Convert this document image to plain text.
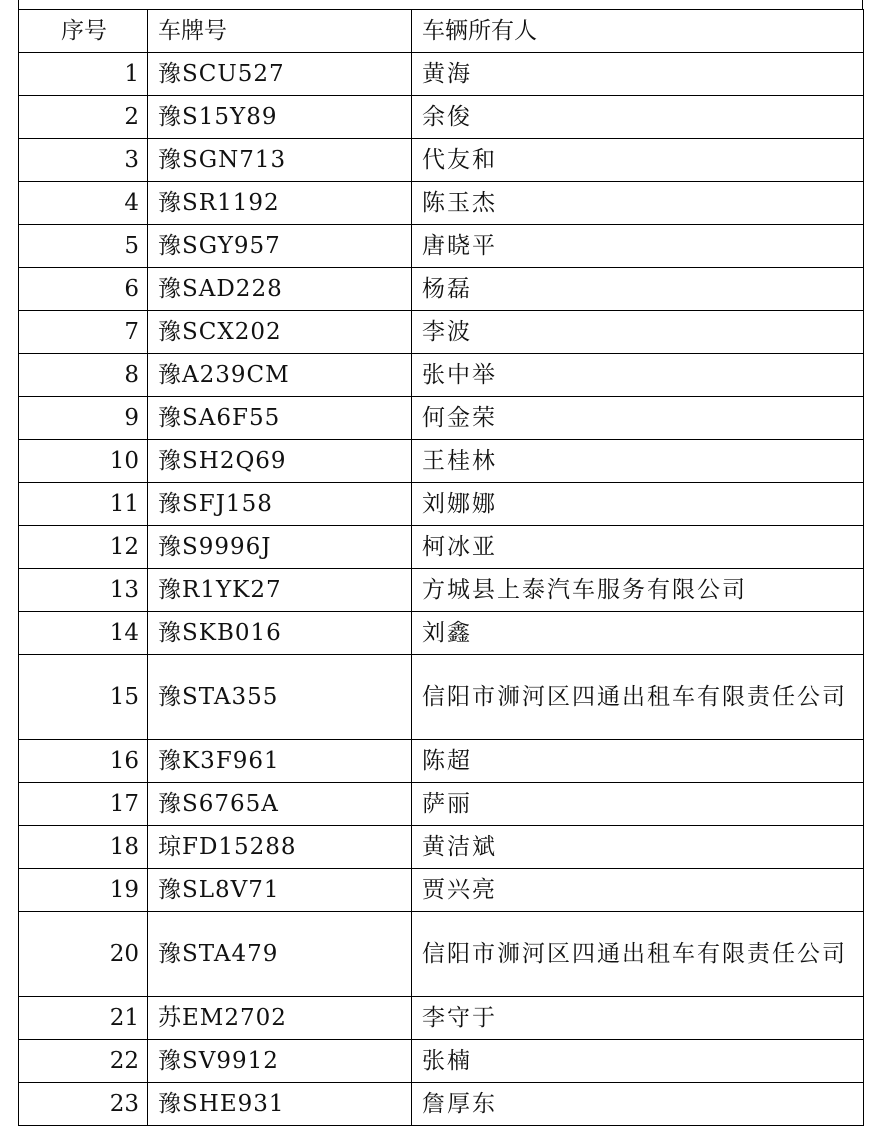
序号	车牌号	车辆所有人
1	豫SCU527	黄海
2	豫S15Y89	余俊
3	豫SGN713	代友和
4	豫SR1192	陈玉杰
5	豫SGY957	唐晓平
6	豫SAD228	杨磊
7	豫SCX202	李波
8	豫A239CM	张中举
9	豫SA6F55	何金荣
10	豫SH2Q69	王桂林
11	豫SFJ158	刘娜娜
12	豫S9996J	柯冰亚
13	豫R1YK27	方城县上泰汽车服务有限公司
14	豫SKB016	刘鑫
15	豫STA355	信阳市浉河区四通出租车有限责任公司
16	豫K3F961	陈超
17	豫S6765A	萨丽
18	琼FD15288	黄洁斌
19	豫SL8V71	贾兴亮
20	豫STA479	信阳市浉河区四通出租车有限责任公司
21	苏EM2702	李守于
22	豫SV9912	张楠
23	豫SHE931	詹厚东
